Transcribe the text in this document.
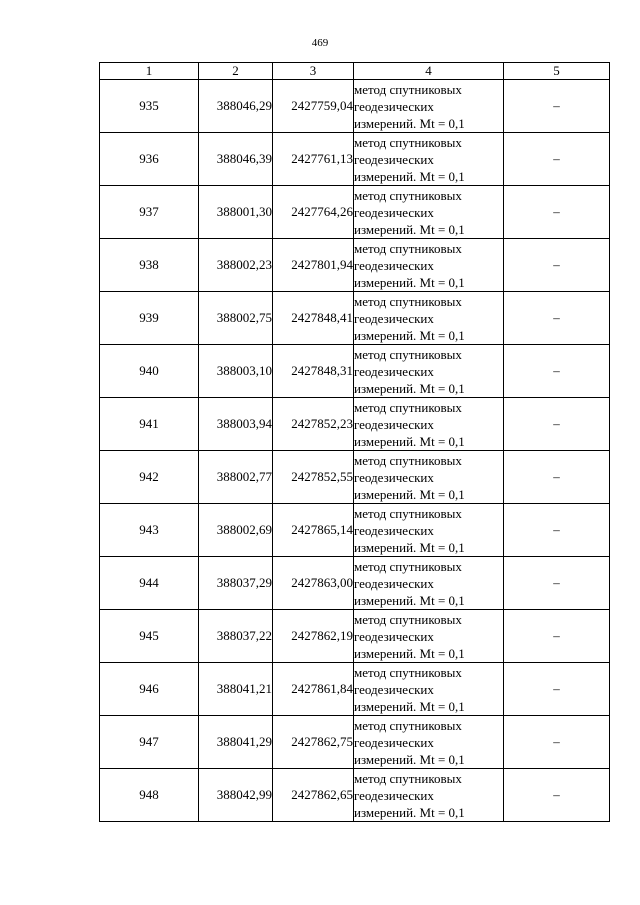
469
1	2	3	4	5
935	388046,29	2427759,04	метод спутниковых
геодезических
измерений. Mt = 0,1	–
936	388046,39	2427761,13	метод спутниковых
геодезических
измерений. Mt = 0,1	–
937	388001,30	2427764,26	метод спутниковых
геодезических
измерений. Mt = 0,1	–
938	388002,23	2427801,94	метод спутниковых
геодезических
измерений. Mt = 0,1	–
939	388002,75	2427848,41	метод спутниковых
геодезических
измерений. Mt = 0,1	–
940	388003,10	2427848,31	метод спутниковых
геодезических
измерений. Mt = 0,1	–
941	388003,94	2427852,23	метод спутниковых
геодезических
измерений. Mt = 0,1	–
942	388002,77	2427852,55	метод спутниковых
геодезических
измерений. Mt = 0,1	–
943	388002,69	2427865,14	метод спутниковых
геодезических
измерений. Mt = 0,1	–
944	388037,29	2427863,00	метод спутниковых
геодезических
измерений. Mt = 0,1	–
945	388037,22	2427862,19	метод спутниковых
геодезических
измерений. Mt = 0,1	–
946	388041,21	2427861,84	метод спутниковых
геодезических
измерений. Mt = 0,1	–
947	388041,29	2427862,75	метод спутниковых
геодезических
измерений. Mt = 0,1	–
948	388042,99	2427862,65	метод спутниковых
геодезических
измерений. Mt = 0,1	–
